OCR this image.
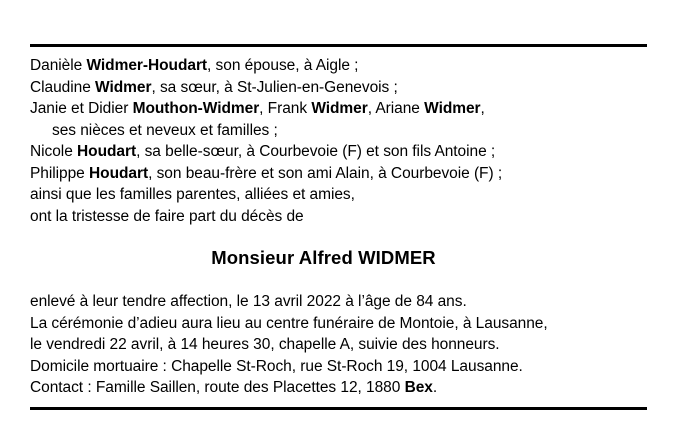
Danièle Widmer-Houdart, son épouse, à Aigle ;
Claudine Widmer, sa sœur, à St-Julien-en-Genevois ;
Janie et Didier Mouthon-Widmer, Frank Widmer, Ariane Widmer,
ses nièces et neveux et familles ;
Nicole Houdart, sa belle-sœur, à Courbevoie (F) et son fils Antoine ;
Philippe Houdart, son beau-frère et son ami Alain, à Courbevoie (F) ;
ainsi que les familles parentes, alliées et amies,
ont la tristesse de faire part du décès de
Monsieur Alfred WIDMER
enlevé à leur tendre affection, le 13 avril 2022 à l’âge de 84 ans.
La cérémonie d’adieu aura lieu au centre funéraire de Montoie, à Lausanne,
le vendredi 22 avril, à 14 heures 30, chapelle A, suivie des honneurs.
Domicile mortuaire : Chapelle St-Roch, rue St-Roch 19, 1004 Lausanne.
Contact : Famille Saillen, route des Placettes 12, 1880 Bex.
